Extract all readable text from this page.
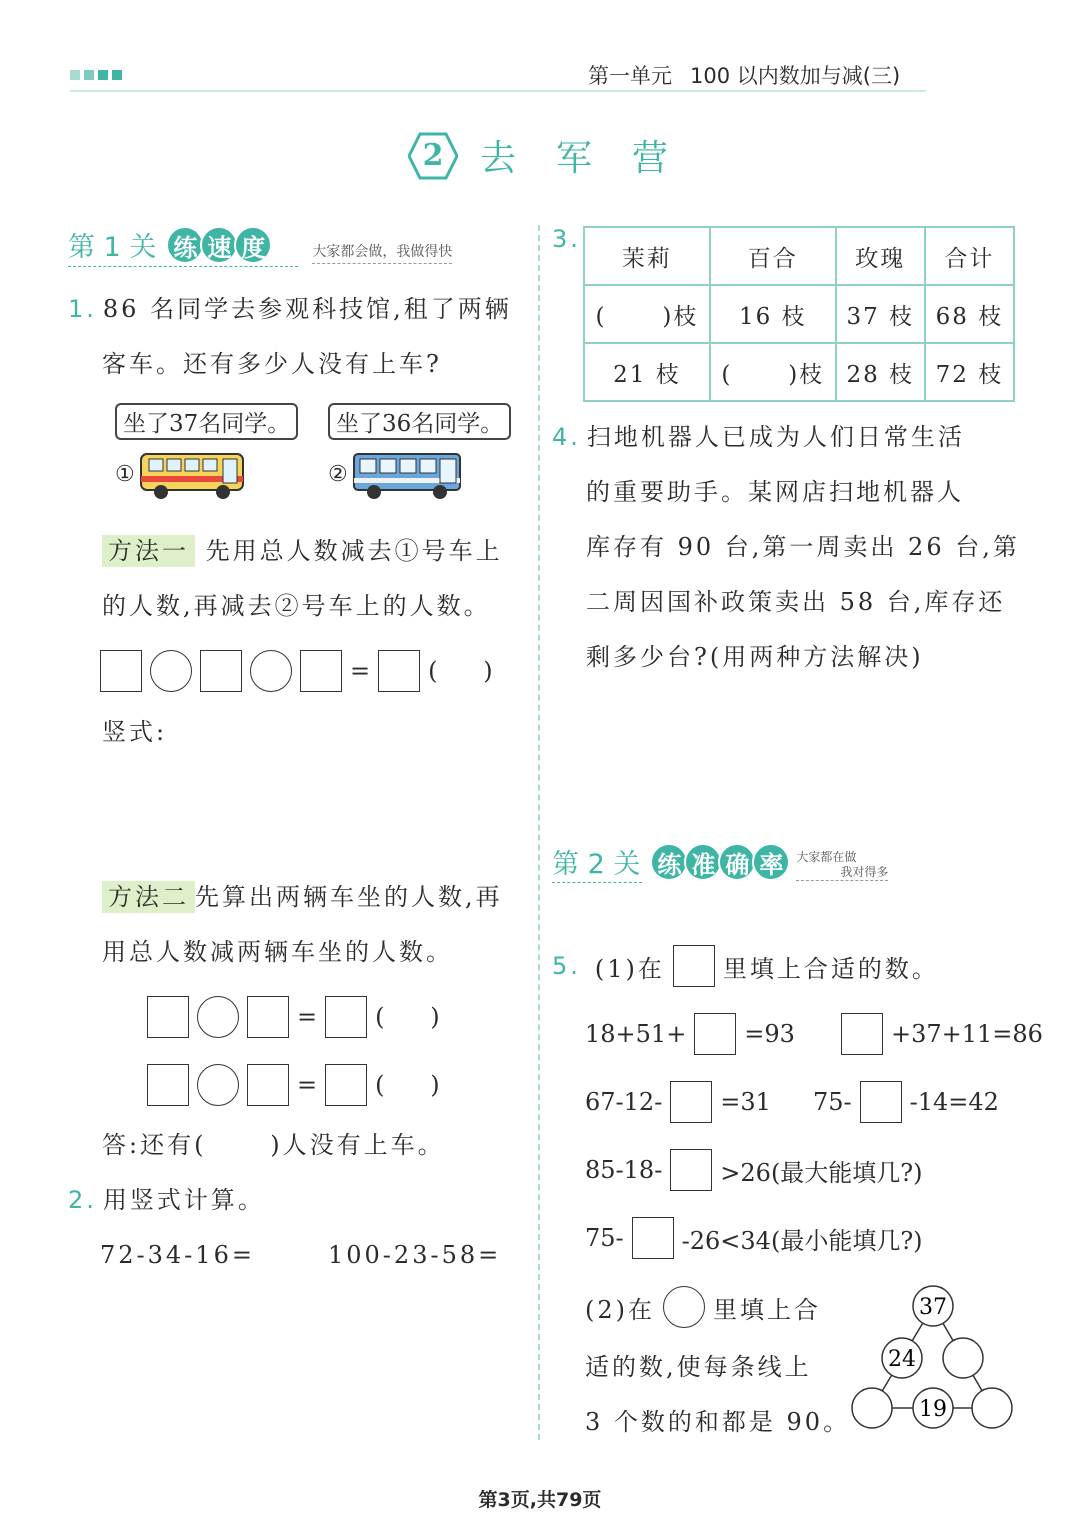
第一单元 100 以内数加与减(三)
2 去军营
第 1 关 练 速 度	大家都会做，我做得快
1. 86 名同学去参观科技馆,租了两辆
客车。还有多少人没有上车?
坐了37名同学。
①
坐了36名同学。
②
方法一 先用总人数减去①号车上
的人数,再减去②号车上的人数。
= (      )
竖式:
方法二 先算出两辆车坐的人数,再
用总人数减两辆车坐的人数。
= (      )
= (      )
答:还有(      )人没有上车。
2. 用竖式计算。
72-34-16=	100-23-58=
3.
茉莉	百合	玫瑰	合计
(      )枝	16 枝	37 枝	68 枝
21 枝	(      )枝	28 枝	72 枝
4. 扫地机器人已成为人们日常生活
的重要助手。某网店扫地机器人
库存有 90 台,第一周卖出 26 台,第
二周因国补政策卖出 58 台,库存还
剩多少台?(用两种方法解决)
第 2 关 练 准 确 率	大家都在做
我对得多
5. (1)在 里填上合适的数。
18+51+ =93	+37+11=86
67-12- =31 75- -14=42
85-18- >26(最大能填几?)
75- -26<34(最小能填几?)
(2)在 里填上合
适的数,使每条线上
3 个数的和都是 90。
37
24
19
第3页,共79页
